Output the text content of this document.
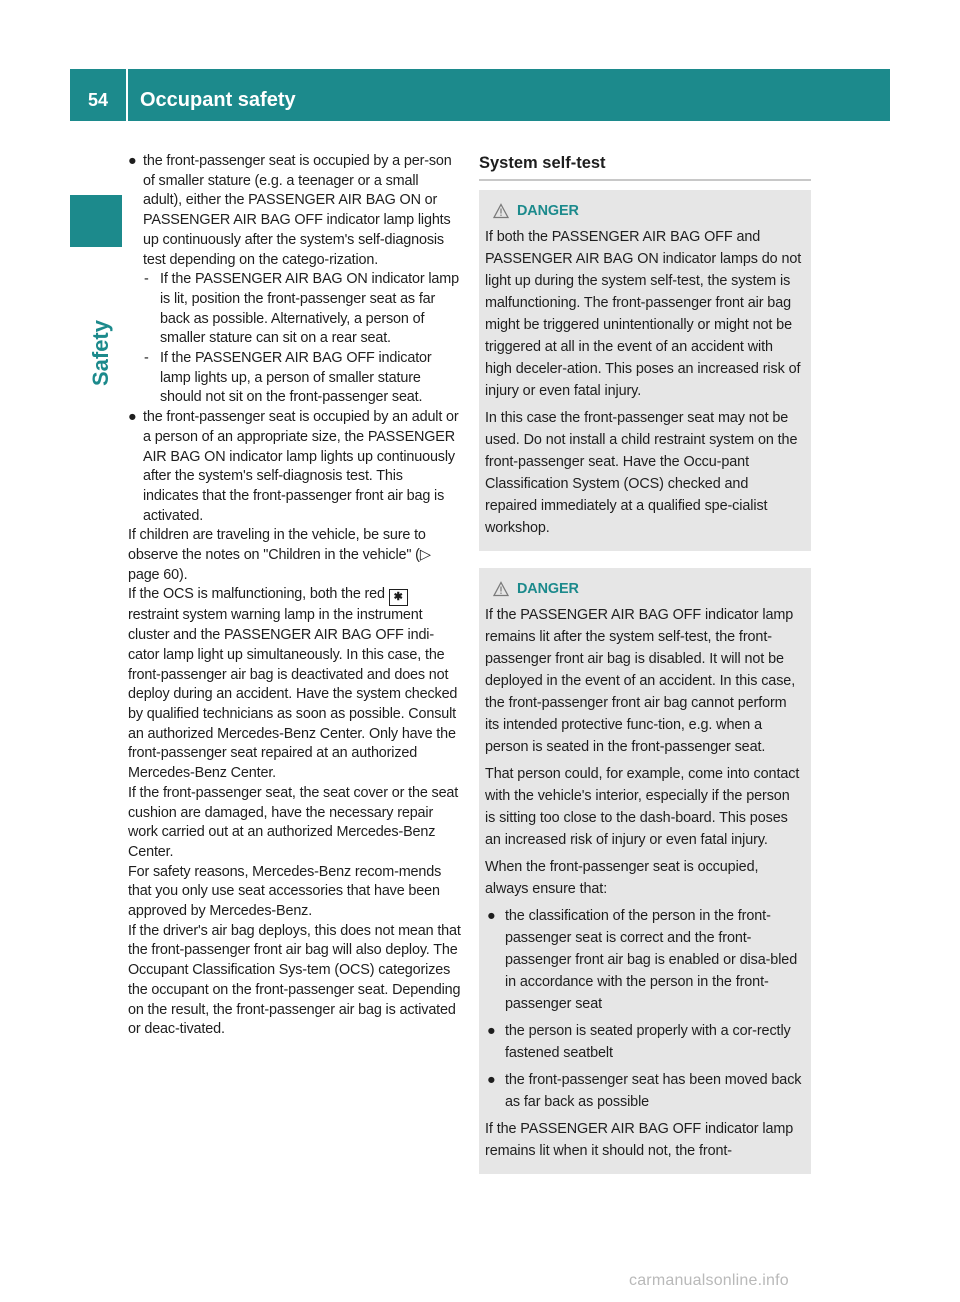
54	Occupant safety
Safety

● the front-passenger seat is occupied by a per-son of smaller stature (e.g. a teenager or a small adult), either the PASSENGER AIR BAG ON or PASSENGER AIR BAG OFF indicator lamp lights up continuously after the system's self-diagnosis test depending on the catego-rization.

- If the PASSENGER AIR BAG ON indicator lamp is lit, position the front-passenger seat as far back as possible. Alternatively, a person of smaller stature can sit on a rear seat.

- If the PASSENGER AIR BAG OFF indicator lamp lights up, a person of smaller stature should not sit on the front-passenger seat.

● the front-passenger seat is occupied by an adult or a person of an appropriate size, the PASSENGER AIR BAG ON indicator lamp lights up continuously after the system's self-diagnosis test. This indicates that the front-passenger front air bag is activated.

If children are traveling in the vehicle, be sure to observe the notes on "Children in the vehicle" (▷ page 60).

If the OCS is malfunctioning, both the red ✱ restraint system warning lamp in the instrument cluster and the PASSENGER AIR BAG OFF indi-cator lamp light up simultaneously. In this case, the front-passenger air bag is deactivated and does not deploy during an accident. Have the system checked by qualified technicians as soon as possible. Consult an authorized Mercedes-Benz Center. Only have the front-passenger seat repaired at an authorized Mercedes-Benz Center.

If the front-passenger seat, the seat cover or the seat cushion are damaged, have the necessary repair work carried out at an authorized Mercedes-Benz Center.

For safety reasons, Mercedes-Benz recom-mends that you only use seat accessories that have been approved by Mercedes-Benz.

If the driver's air bag deploys, this does not mean that the front-passenger front air bag will also deploy. The Occupant Classification Sys-tem (OCS) categorizes the occupant on the front-passenger seat. Depending on the result, the front-passenger air bag is activated or deac-tivated.

System self-test

DANGER

If both the PASSENGER AIR BAG OFF and PASSENGER AIR BAG ON indicator lamps do not light up during the system self-test, the system is malfunctioning. The front-passenger front air bag might be triggered unintentionally or might not be triggered at all in the event of an accident with high deceler-ation. This poses an increased risk of injury or even fatal injury.

In this case the front-passenger seat may not be used. Do not install a child restraint system on the front-passenger seat. Have the Occu-pant Classification System (OCS) checked and repaired immediately at a qualified spe-cialist workshop.

DANGER

If the PASSENGER AIR BAG OFF indicator lamp remains lit after the system self-test, the front-passenger front air bag is disabled. It will not be deployed in the event of an accident. In this case, the front-passenger front air bag cannot perform its intended protective func-tion, e.g. when a person is seated in the front-passenger seat.

That person could, for example, come into contact with the vehicle's interior, especially if the person is sitting too close to the dash-board. This poses an increased risk of injury or even fatal injury.

When the front-passenger seat is occupied, always ensure that:

● the classification of the person in the front-passenger seat is correct and the front-passenger front air bag is enabled or disa-bled in accordance with the person in the front-passenger seat

● the person is seated properly with a cor-rectly fastened seatbelt

● the front-passenger seat has been moved back as far back as possible

If the PASSENGER AIR BAG OFF indicator lamp remains lit when it should not, the front-

carmanualsonline.info
